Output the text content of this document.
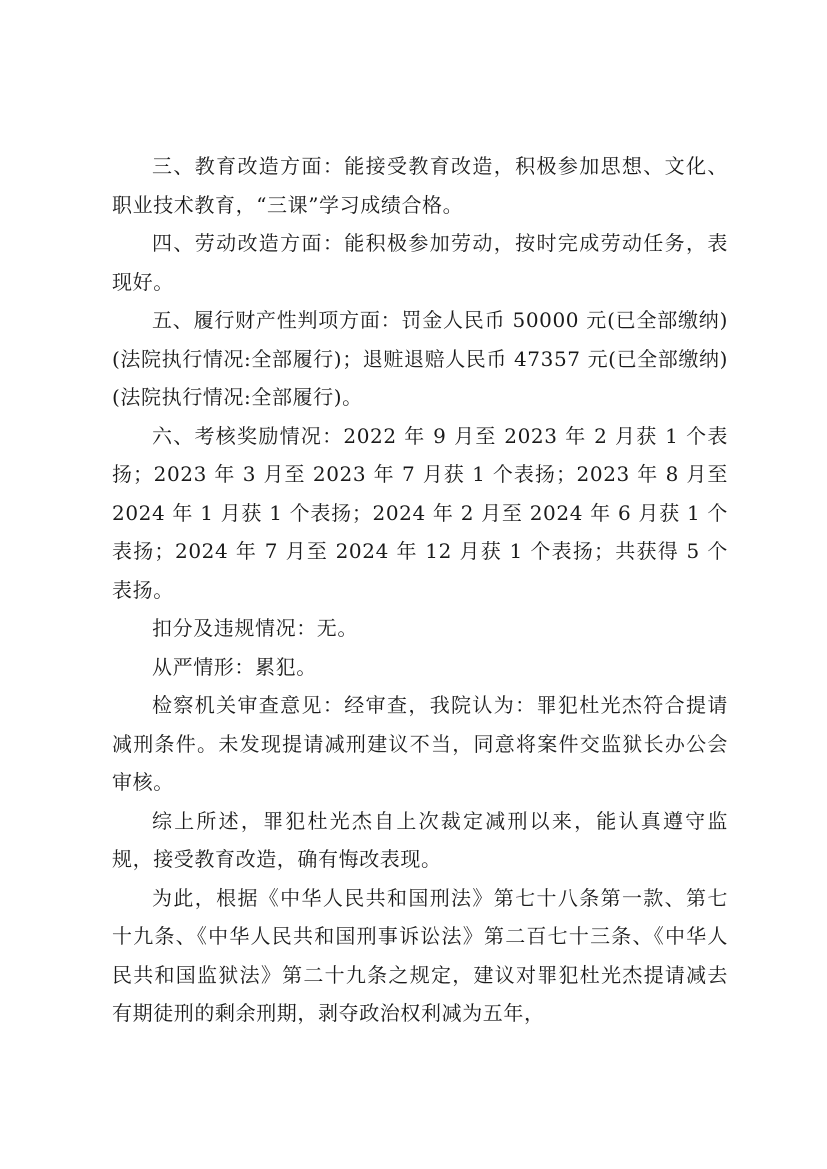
三、教育改造方面：能接受教育改造，积极参加思想、文化、职业技术教育，“三课”学习成绩合格。

四、劳动改造方面：能积极参加劳动，按时完成劳动任务，表现好。

五、履行财产性判项方面：罚金人民币 50000 元(已全部缴纳)(法院执行情况:全部履行)；退赃退赔人民币 47357 元(已全部缴纳)(法院执行情况:全部履行)。

六、考核奖励情况：2022 年 9 月至 2023 年 2 月获 1 个表扬；2023 年 3 月至 2023 年 7 月获 1 个表扬；2023 年 8 月至 2024 年 1 月获 1 个表扬；2024 年 2 月至 2024 年 6 月获 1 个表扬；2024 年 7 月至 2024 年 12 月获 1 个表扬；共获得 5 个表扬。

扣分及违规情况：无。

从严情形：累犯。

检察机关审查意见：经审查，我院认为：罪犯杜光杰符合提请减刑条件。未发现提请减刑建议不当，同意将案件交监狱长办公会审核。

综上所述，罪犯杜光杰自上次裁定减刑以来，能认真遵守监规，接受教育改造，确有悔改表现。

为此，根据《中华人民共和国刑法》第七十八条第一款、第七十九条、《中华人民共和国刑事诉讼法》第二百七十三条、《中华人民共和国监狱法》第二十九条之规定，建议对罪犯杜光杰提请减去有期徒刑的剩余刑期，剥夺政治权利减为五年，
